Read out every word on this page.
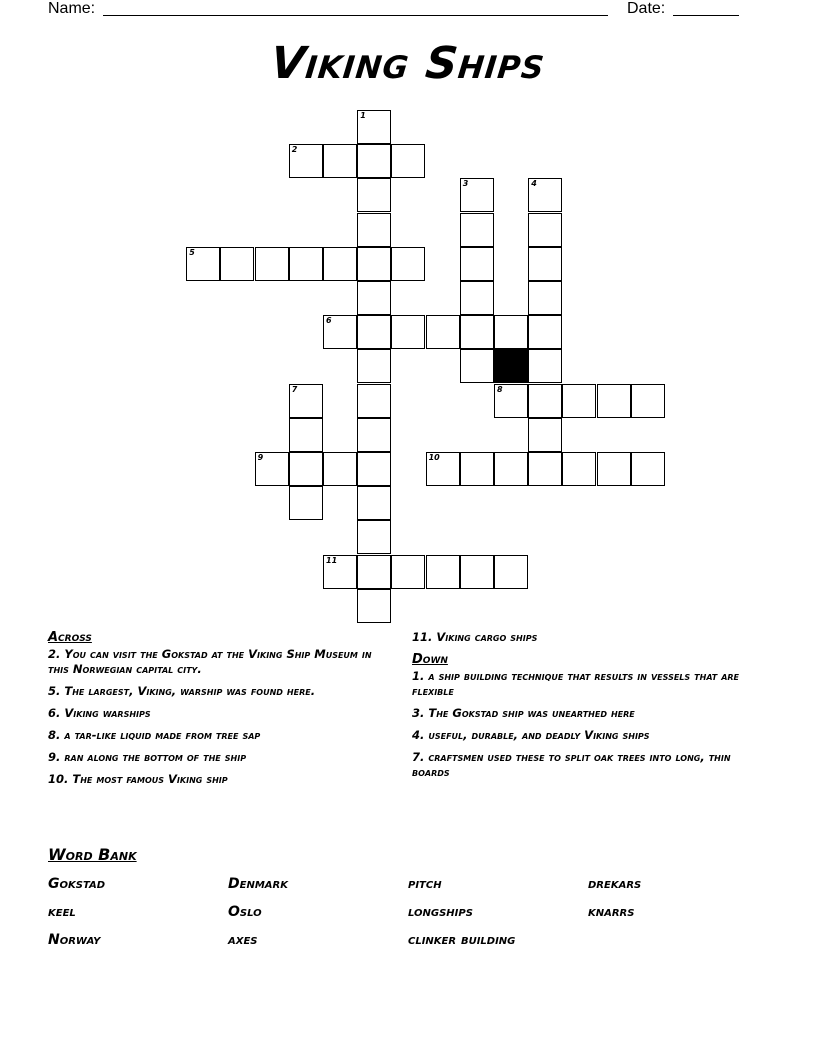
Name:	Date:
Viking Ships
1
2
3	4
5
6
7	8
9	10
11
Across
2. You can visit the Gokstad at the Viking Ship Museum in this Norwegian capital city.
5. The largest, Viking, warship was found here.
6. Viking warships
8. a tar-like liquid made from tree sap
9. ran along the bottom of the ship
10. The most famous Viking ship
11. Viking cargo ships
Down
1. a ship building technique that results in vessels that are flexible
3. The Gokstad ship was unearthed here
4. useful, durable, and deadly Viking ships
7. craftsmen used these to split oak trees into long, thin boards
Word Bank
Gokstad	Denmark	pitch	drekars
keel	Oslo	longships	knarrs
Norway	axes	clinker building
